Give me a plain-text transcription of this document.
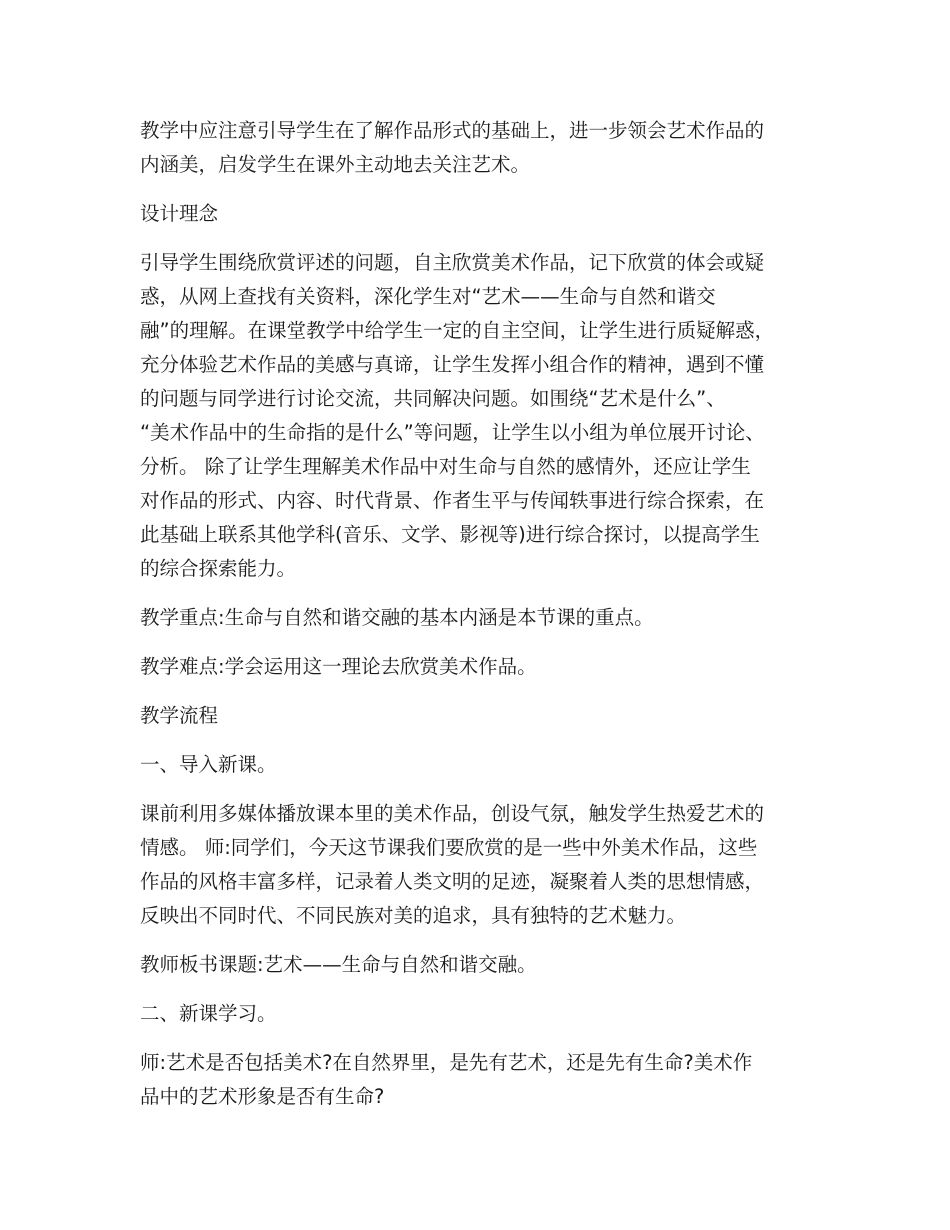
教学中应注意引导学生在了解作品形式的基础上，进一步领会艺术作品的
内涵美，启发学生在课外主动地去关注艺术。

设计理念

引导学生围绕欣赏评述的问题，自主欣赏美术作品，记下欣赏的体会或疑
惑，从网上查找有关资料，深化学生对“艺术——生命与自然和谐交
融”的理解。在课堂教学中给学生一定的自主空间，让学生进行质疑解惑，
充分体验艺术作品的美感与真谛，让学生发挥小组合作的精神，遇到不懂
的问题与同学进行讨论交流，共同解决问题。如围绕“艺术是什么”、
“美术作品中的生命指的是什么”等问题，让学生以小组为单位展开讨论、
分析。 除了让学生理解美术作品中对生命与自然的感情外，还应让学生
对作品的形式、内容、时代背景、作者生平与传闻轶事进行综合探索，在
此基础上联系其他学科(音乐、文学、影视等)进行综合探讨，以提高学生
的综合探索能力。

教学重点:生命与自然和谐交融的基本内涵是本节课的重点。

教学难点:学会运用这一理论去欣赏美术作品。

教学流程

一、导入新课。

课前利用多媒体播放课本里的美术作品，创设气氛，触发学生热爱艺术的
情感。 师:同学们，今天这节课我们要欣赏的是一些中外美术作品，这些
作品的风格丰富多样，记录着人类文明的足迹，凝聚着人类的思想情感，
反映出不同时代、不同民族对美的追求，具有独特的艺术魅力。

教师板书课题:艺术——生命与自然和谐交融。

二、新课学习。

师:艺术是否包括美术?在自然界里，是先有艺术，还是先有生命?美术作
品中的艺术形象是否有生命?
